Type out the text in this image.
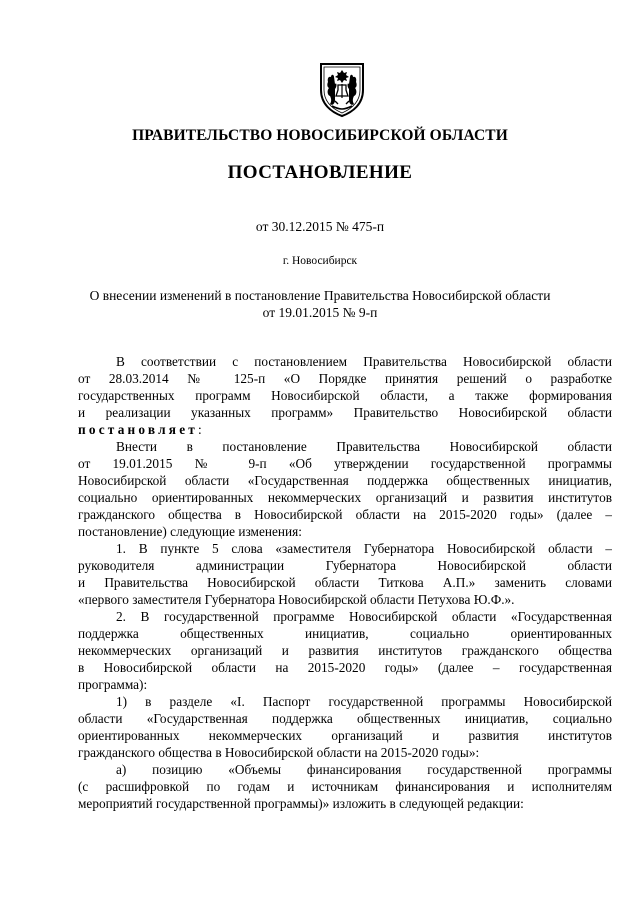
ПРАВИТЕЛЬСТВО НОВОСИБИРСКОЙ ОБЛАСТИ
ПОСТАНОВЛЕНИЕ
от 30.12.2015 № 475-п
г. Новосибирск
О внесении изменений в постановление Правительства Новосибирской области
от 19.01.2015 № 9-п
В соответствии с постановлением Правительства Новосибирской области
от 28.03.2014 № 125-п «О Порядке принятия решений о разработке
государственных программ Новосибирской области, а также формирования
и реализации указанных программ» Правительство Новосибирской области
постановляет:
Внести в постановление Правительства Новосибирской области
от 19.01.2015 № 9-п «Об утверждении государственной программы
Новосибирской области «Государственная поддержка общественных инициатив,
социально ориентированных некоммерческих организаций и развития институтов
гражданского общества в Новосибирской области на 2015-2020 годы» (далее –
постановление) следующие изменения:
1. В пункте 5 слова «заместителя Губернатора Новосибирской области –
руководителя администрации Губернатора Новосибирской области
и Правительства Новосибирской области Титкова А.П.» заменить словами
«первого заместителя Губернатора Новосибирской области Петухова Ю.Ф.».
2. В государственной программе Новосибирской области «Государственная
поддержка общественных инициатив, социально ориентированных
некоммерческих организаций и развития институтов гражданского общества
в Новосибирской области на 2015-2020 годы» (далее – государственная
программа):
1) в разделе «I. Паспорт государственной программы Новосибирской
области «Государственная поддержка общественных инициатив, социально
ориентированных некоммерческих организаций и развития институтов
гражданского общества в Новосибирской области на 2015-2020 годы»:
а) позицию «Объемы финансирования государственной программы
(с расшифровкой по годам и источникам финансирования и исполнителям
мероприятий государственной программы)» изложить в следующей редакции:
